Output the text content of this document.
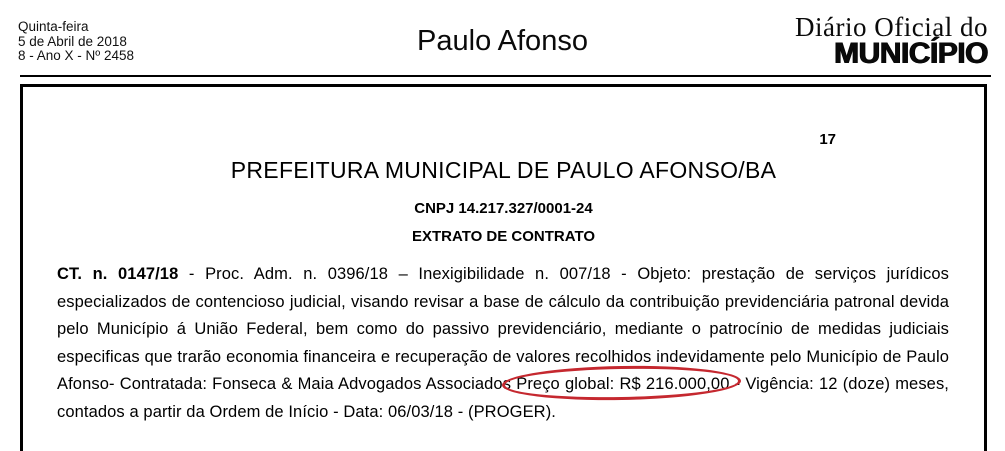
Quinta-feira
5 de Abril de 2018
8 - Ano X - Nº 2458	Paulo Afonso	Diário Oficial do
MUNICÍPIO
17
PREFEITURA MUNICIPAL DE PAULO AFONSO/BA
CNPJ 14.217.327/0001-24
EXTRATO DE CONTRATO

CT. n. 0147/18 - Proc. Adm. n. 0396/18 – Inexigibilidade n. 007/18 - Objeto: prestação de serviços jurídicos especializados de contencioso judicial, visando revisar a base de cálculo da contribuição previdenciária patronal devida pelo Município á União Federal, bem como do passivo previdenciário, mediante o patrocínio de medidas judiciais especificas que trarão economia financeira e recuperação de valores recolhidos indevidamente pelo Município de Paulo Afonso- Contratada: Fonseca & Maia Advogados Associados
Preço global: R$ 216.000,00 - Vigência: 12 (doze) meses, contados a partir da Ordem de Início - Data: 06/03/18 - (PROGER).
